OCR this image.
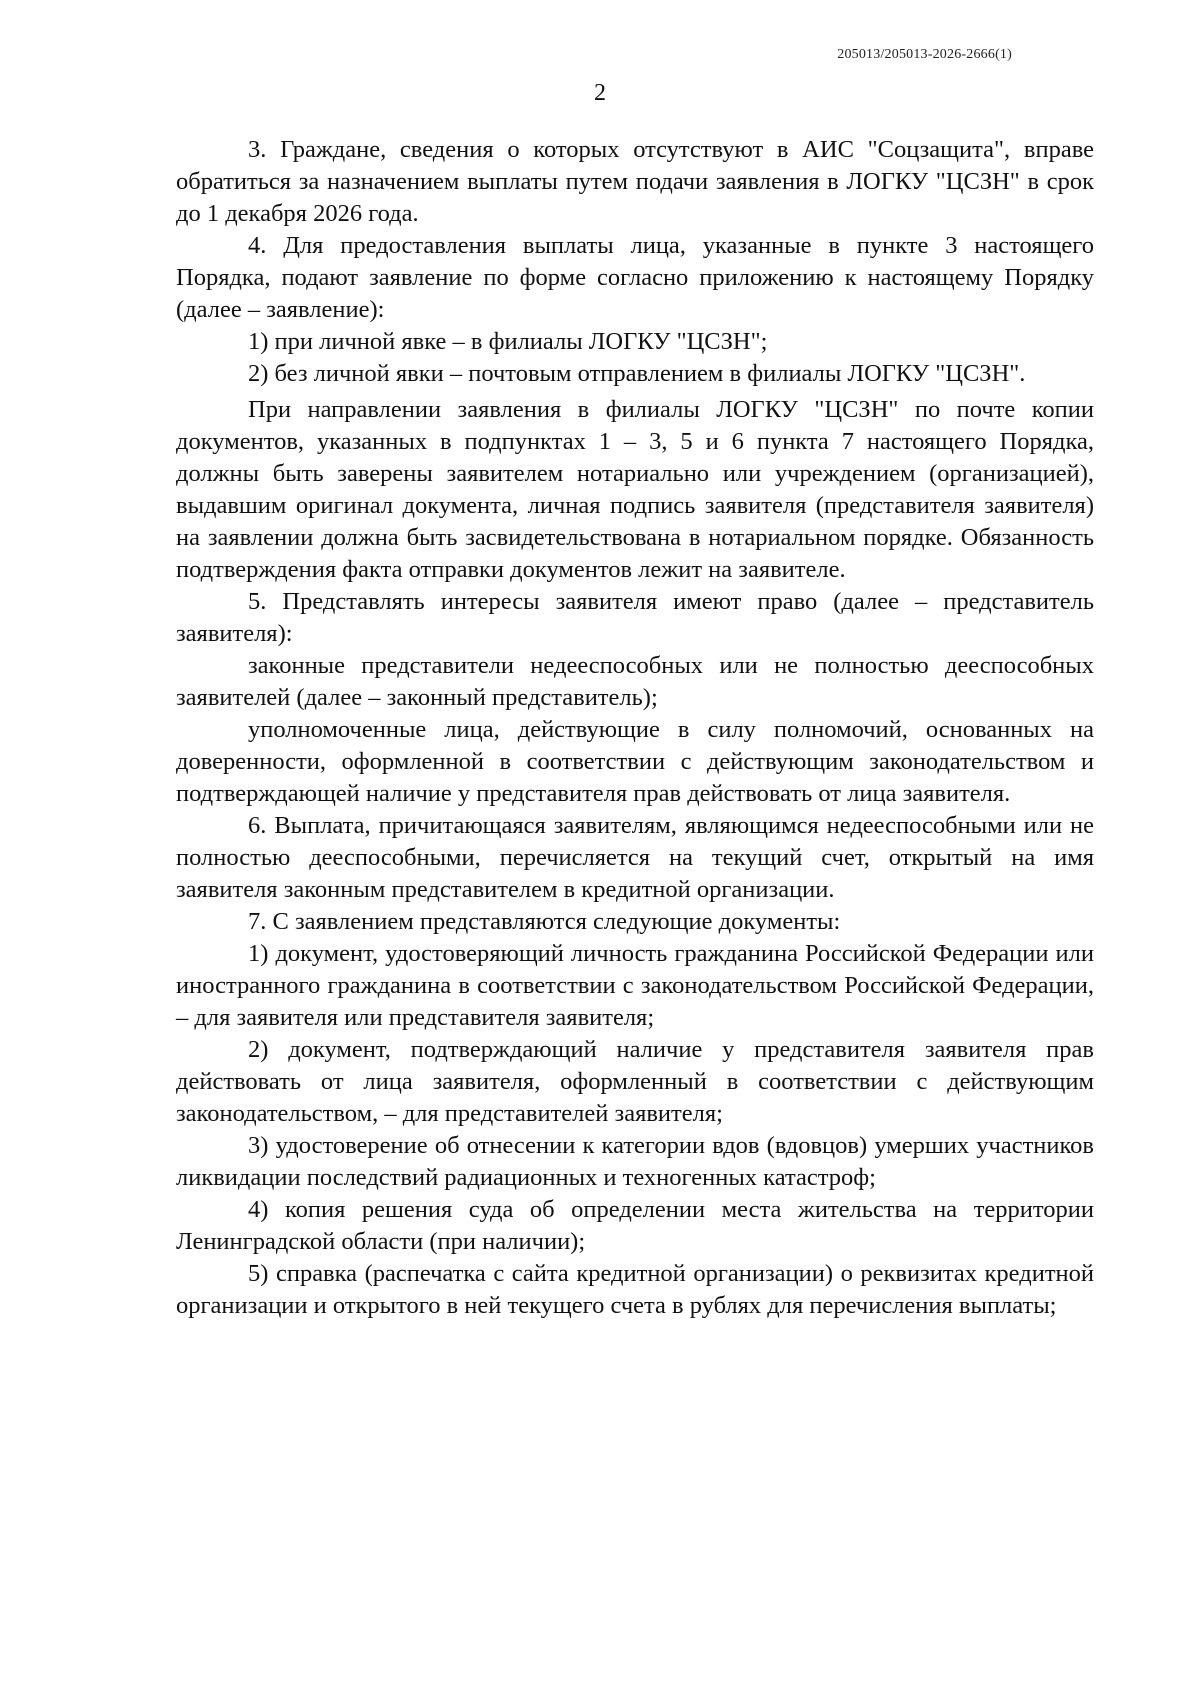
205013/205013-2026-2666(1)
2

3. Граждане, сведения о которых отсутствуют в АИС "Соцзащита", вправе обратиться за назначением выплаты путем подачи заявления в ЛОГКУ "ЦСЗН" в срок до 1 декабря 2026 года.

4. Для предоставления выплаты лица, указанные в пункте 3 настоящего Порядка, подают заявление по форме согласно приложению к настоящему Порядку (далее – заявление):

1) при личной явке – в филиалы ЛОГКУ "ЦСЗН";

2) без личной явки – почтовым отправлением в филиалы ЛОГКУ "ЦСЗН".

При направлении заявления в филиалы ЛОГКУ "ЦСЗН" по почте копии документов, указанных в подпунктах 1 – 3, 5 и 6 пункта 7 настоящего Порядка, должны быть заверены заявителем нотариально или учреждением (организацией), выдавшим оригинал документа, личная подпись заявителя (представителя заявителя) на заявлении должна быть засвидетельствована в нотариальном порядке. Обязанность подтверждения факта отправки документов лежит на заявителе.

5. Представлять интересы заявителя имеют право (далее – представитель заявителя):

законные представители недееспособных или не полностью дееспособных заявителей (далее – законный представитель);

уполномоченные лица, действующие в силу полномочий, основанных на доверенности, оформленной в соответствии с действующим законодательством и подтверждающей наличие у представителя прав действовать от лица заявителя.

6. Выплата, причитающаяся заявителям, являющимся недееспособными или не полностью дееспособными, перечисляется на текущий счет, открытый на имя заявителя законным представителем в кредитной организации.

7. С заявлением представляются следующие документы:

1) документ, удостоверяющий личность гражданина Российской Федерации или иностранного гражданина в соответствии с законодательством Российской Федерации, – для заявителя или представителя заявителя;

2) документ, подтверждающий наличие у представителя заявителя прав действовать от лица заявителя, оформленный в соответствии с действующим законодательством, – для представителей заявителя;

3) удостоверение об отнесении к категории вдов (вдовцов) умерших участников ликвидации последствий радиационных и техногенных катастроф;

4) копия решения суда об определении места жительства на территории Ленинградской области (при наличии);

5) справка (распечатка с сайта кредитной организации) о реквизитах кредитной организации и открытого в ней текущего счета в рублях для перечисления выплаты;
